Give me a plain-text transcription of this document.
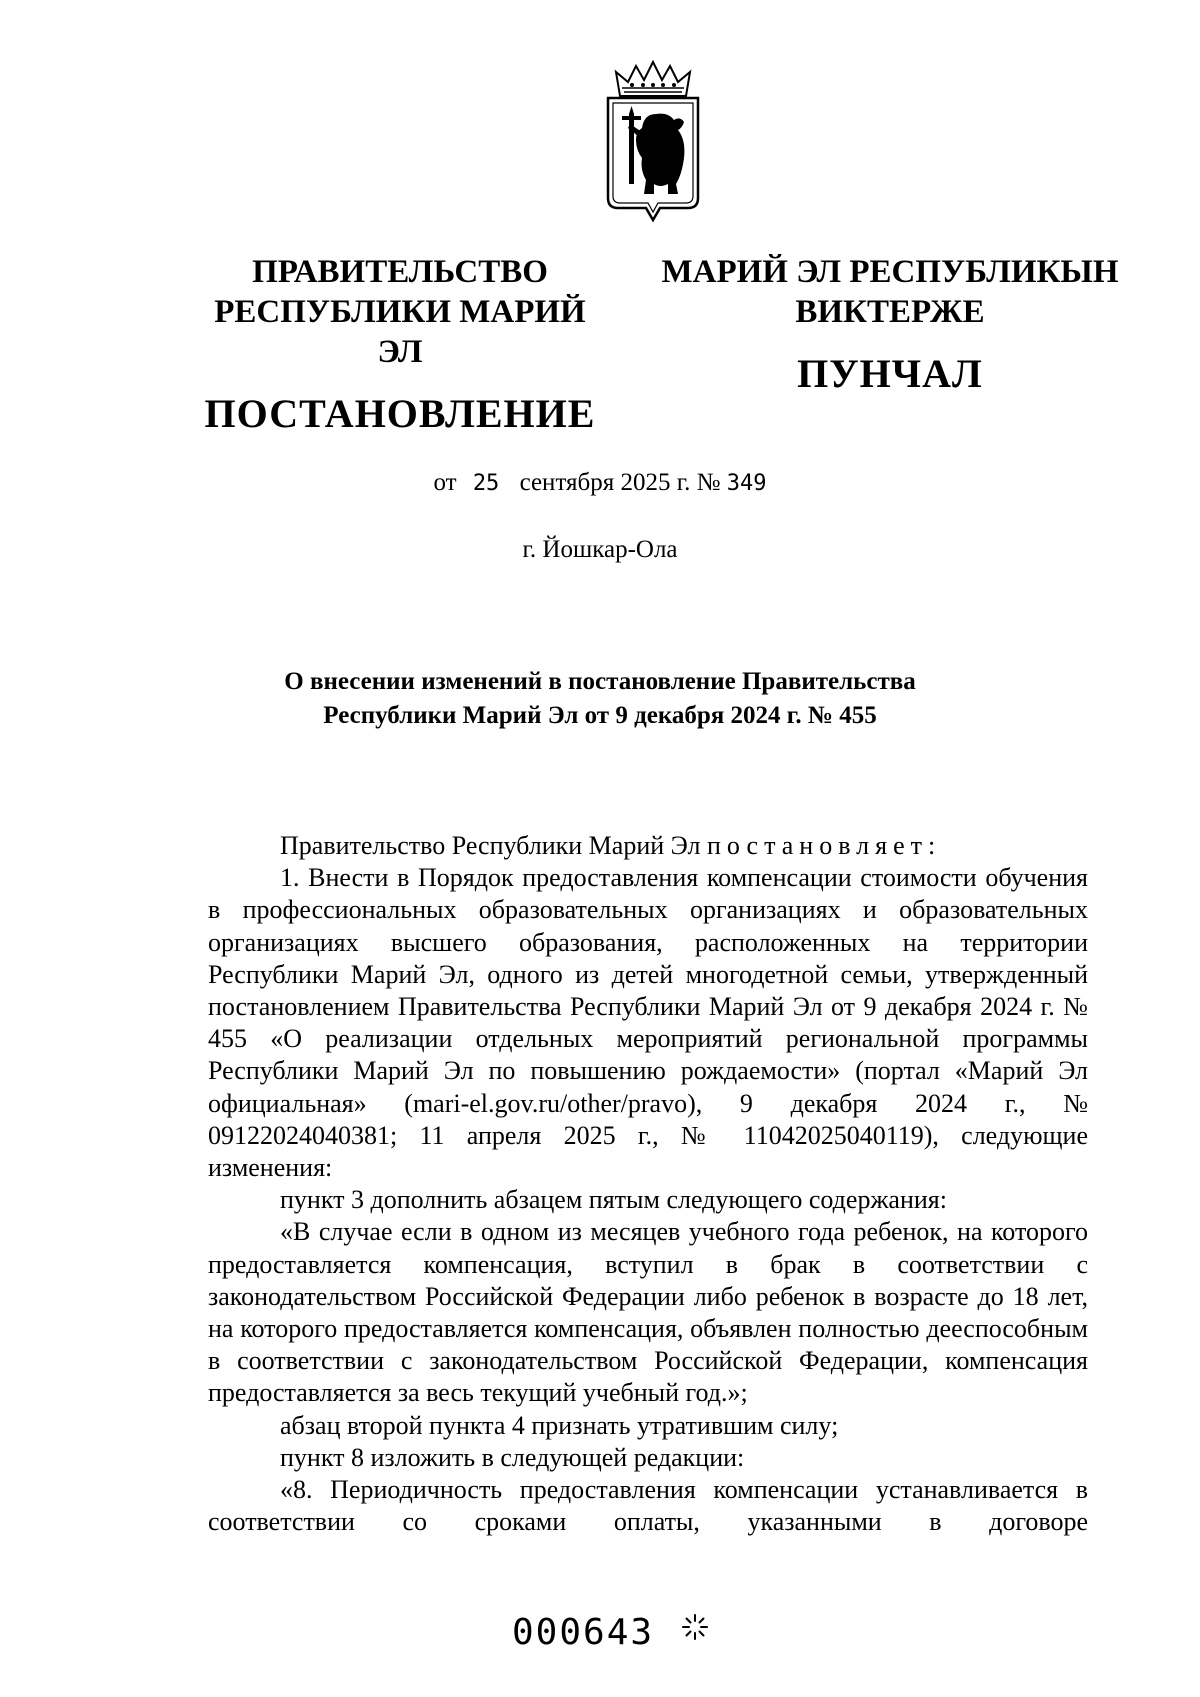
ПРАВИТЕЛЬСТВО
РЕСПУБЛИКИ МАРИЙ ЭЛ
ПОСТАНОВЛЕНИЕ
МАРИЙ ЭЛ РЕСПУБЛИКЫН
ВИКТЕРЖЕ
ПУНЧАЛ
от 25 сентября 2025 г. № 349
г. Йошкар-Ола
О внесении изменений в постановление Правительства
Республики Марий Эл от 9 декабря 2024 г. № 455

Правительство Республики Марий Эл постановляет:

1. Внести в Порядок предоставления компенсации стоимости обучения в профессиональных образовательных организациях и образовательных организациях высшего образования, расположенных на территории Республики Марий Эл, одного из детей многодетной семьи, утвержденный постановлением Правительства Республики Марий Эл от 9 декабря 2024 г. № 455 «О реализации отдельных мероприятий региональной программы Республики Марий Эл по повышению рождаемости» (портал «Марий Эл официальная» (mari-el.gov.ru/other/pravo), 9 декабря 2024 г., № 09122024040381; 11 апреля 2025 г., № 11042025040119), следующие изменения:

пункт 3 дополнить абзацем пятым следующего содержания:

«В случае если в одном из месяцев учебного года ребенок, на которого предоставляется компенсация, вступил в брак в соответствии с законодательством Российской Федерации либо ребенок в возрасте до 18 лет, на которого предоставляется компенсация, объявлен полностью дееспособным в соответствии с законодательством Российской Федерации, компенсация предоставляется за весь текущий учебный год.»;

абзац второй пункта 4 признать утратившим силу;

пункт 8 изложить в следующей редакции:

«8. Периодичность предоставления компенсации устанавливается в соответствии со сроками оплаты, указанными в договоре

000643
